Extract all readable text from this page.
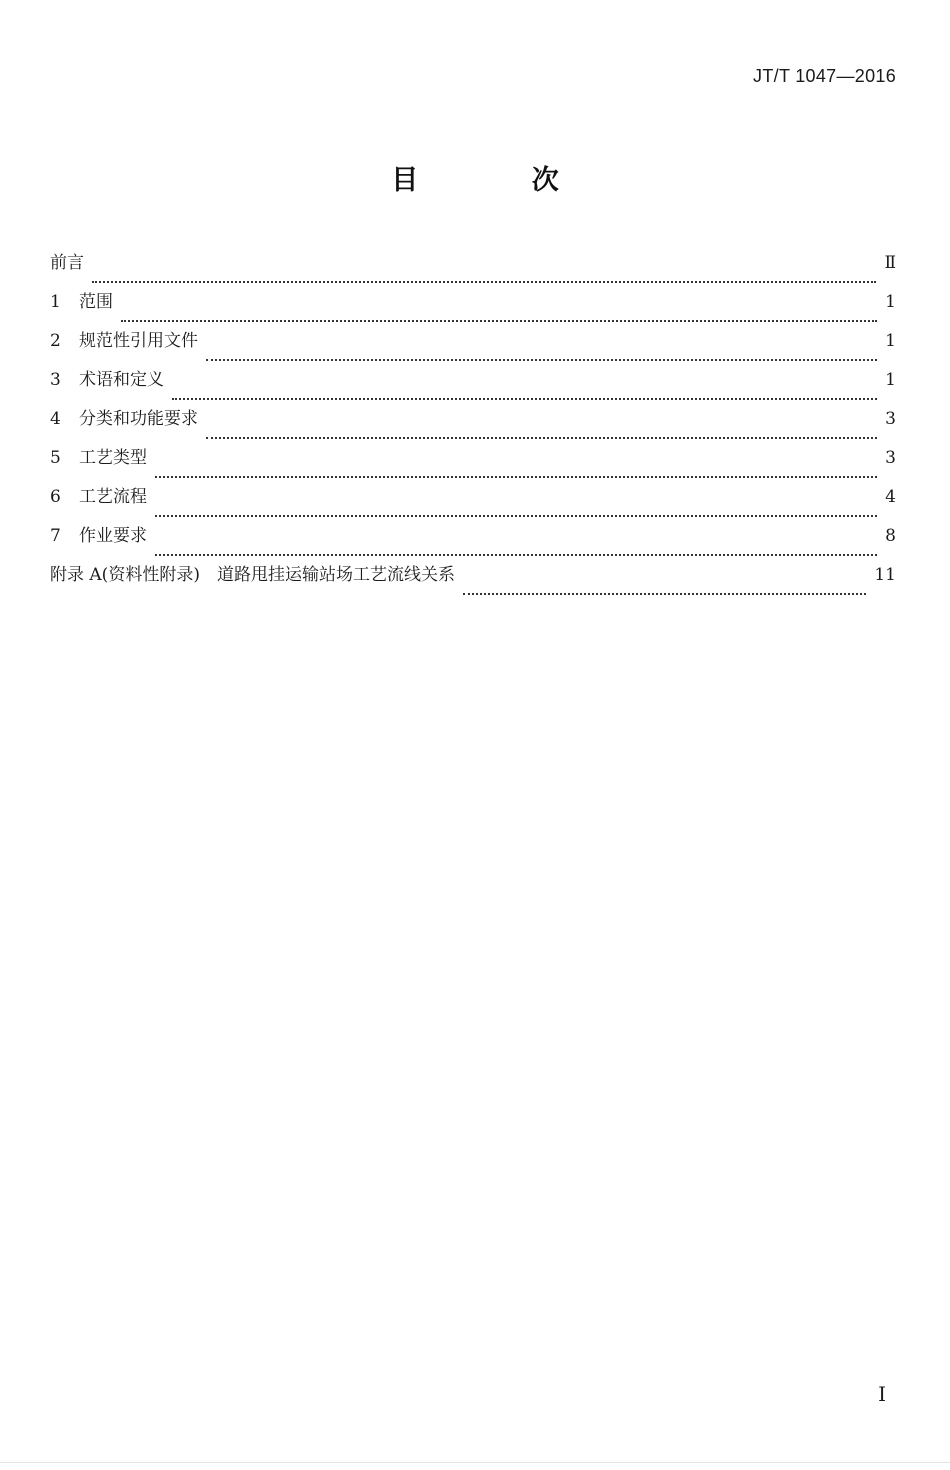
JT/T 1047—2016
目 次
前言	Ⅱ
1	范围	1
2	规范性引用文件	1
3	术语和定义	1
4	分类和功能要求	3
5	工艺类型	3
6	工艺流程	4
7	作业要求	8
附录 A(资料性附录)　道路甩挂运输站场工艺流线关系	11
I
